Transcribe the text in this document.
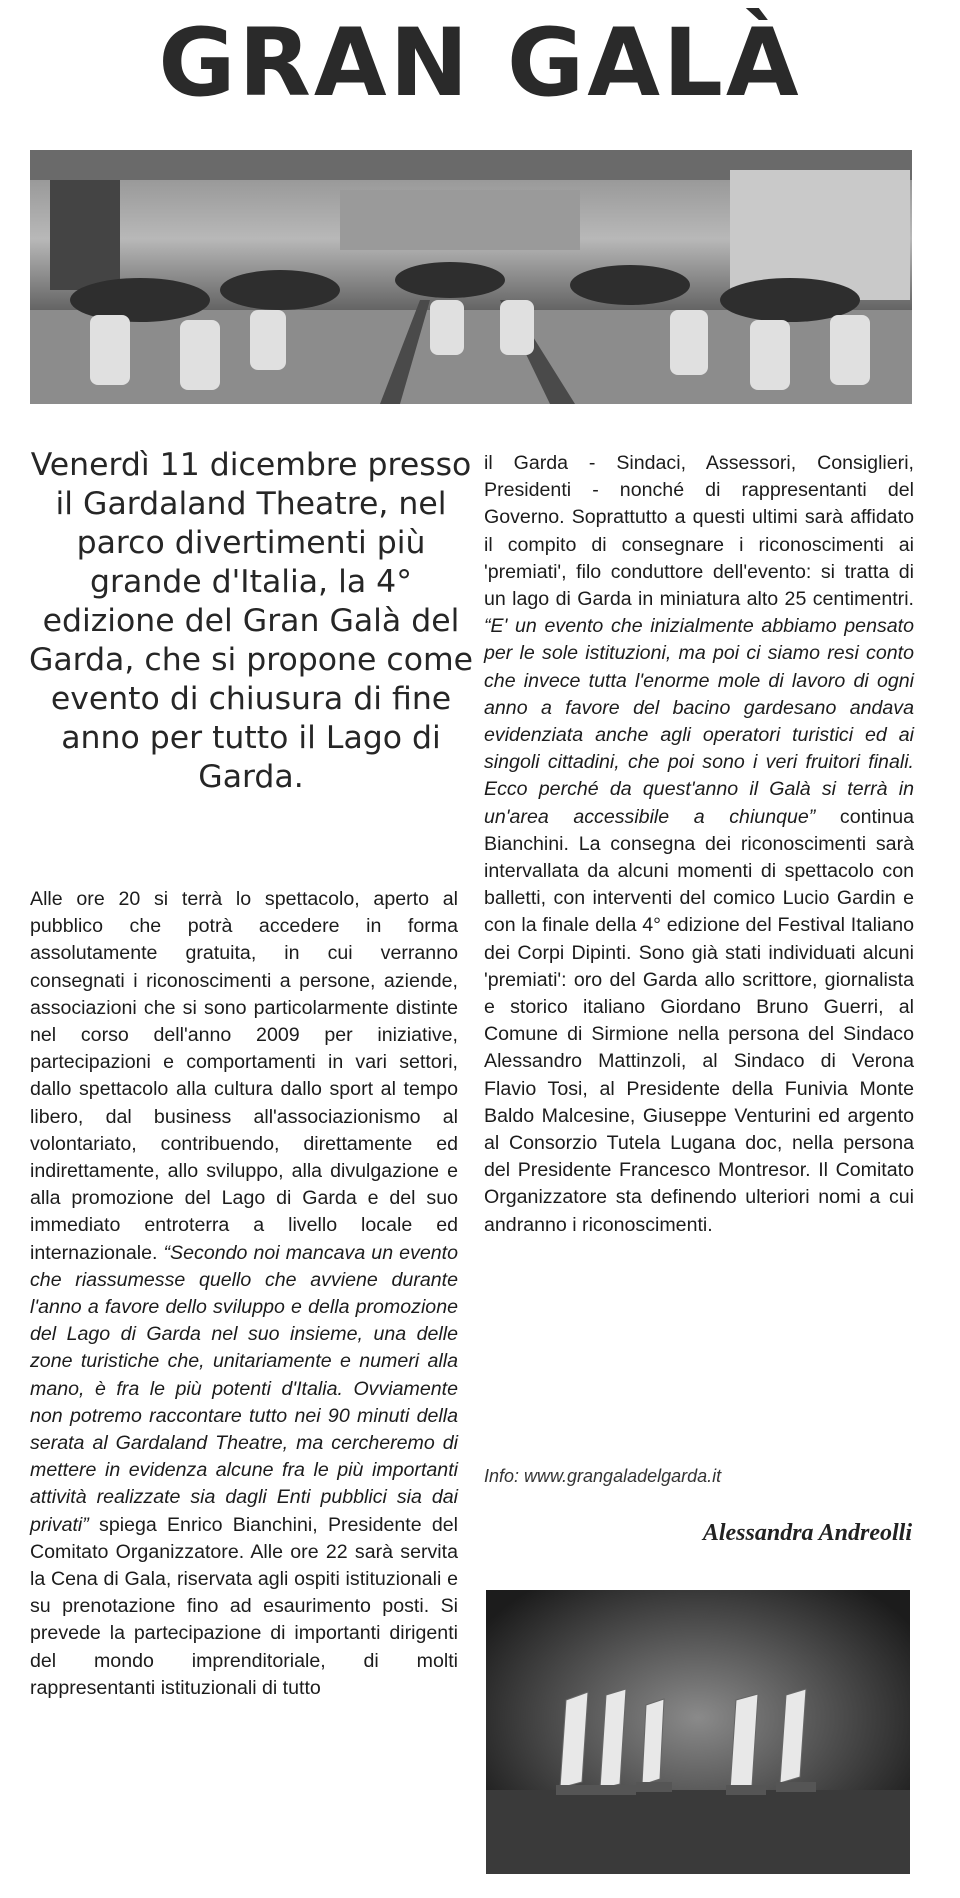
GRAN GALÀ
Venerdì 11 dicembre presso il Gardaland Theatre, nel parco divertimenti più grande d'Italia, la 4° edizione del Gran Galà del Garda, che si propone come evento di chiusura di fine anno per tutto il Lago di Garda.
Alle ore 20 si terrà lo spettacolo, aperto al pubblico che potrà accedere in forma assolutamente gratuita, in cui verranno consegnati i riconoscimenti a persone, aziende, associazioni che si sono particolarmente distinte nel corso dell'anno 2009 per iniziative, partecipazioni e comportamenti in vari settori, dallo spettacolo alla cultura dallo sport al tempo libero, dal business all'associazionismo al volontariato, contribuendo, direttamente ed indirettamente, allo sviluppo, alla divulgazione e alla promozione del Lago di Garda e del suo immediato entroterra a livello locale ed internazionale. “Secondo noi mancava un evento che riassumesse quello che avviene durante l'anno a favore dello sviluppo e della promozione del Lago di Garda nel suo insieme, una delle zone turistiche che, unitariamente e numeri alla mano, è fra le più potenti d'Italia. Ovviamente non potremo raccontare tutto nei 90 minuti della serata al Gardaland Theatre, ma cercheremo di mettere in evidenza alcune fra le più importanti attività realizzate sia dagli Enti pubblici sia dai privati” spiega Enrico Bianchini, Presidente del Comitato Organizzatore. Alle ore 22 sarà servita la Cena di Gala, riservata agli ospiti istituzionali e su prenotazione fino ad esaurimento posti. Si prevede la partecipazione di importanti dirigenti del mondo imprenditoriale, di molti rappresentanti istituzionali di tutto
il Garda - Sindaci, Assessori, Consiglieri, Presidenti - nonché di rappresentanti del Governo. Soprattutto a questi ultimi sarà affidato il compito di consegnare i riconoscimenti ai 'premiati', filo conduttore dell'evento: si tratta di un lago di Garda in miniatura alto 25 centimentri. “E' un evento che inizialmente abbiamo pensato per le sole istituzioni, ma poi ci siamo resi conto che invece tutta l'enorme mole di lavoro di ogni anno a favore del bacino gardesano andava evidenziata anche agli operatori turistici ed ai singoli cittadini, che poi sono i veri fruitori finali. Ecco perché da quest'anno il Galà si terrà in un'area accessibile a chiunque” continua Bianchini. La consegna dei riconoscimenti sarà intervallata da alcuni momenti di spettacolo con balletti, con interventi del comico Lucio Gardin e con la finale della 4° edizione del Festival Italiano dei Corpi Dipinti. Sono già stati individuati alcuni 'premiati': oro del Garda allo scrittore, giornalista e storico italiano Giordano Bruno Guerri, al Comune di Sirmione nella persona del Sindaco Alessandro Mattinzoli, al Sindaco di Verona Flavio Tosi, al Presidente della Funivia Monte Baldo Malcesine, Giuseppe Venturini ed argento al Consorzio Tutela Lugana doc, nella persona del Presidente Francesco Montresor. Il Comitato Organizzatore sta definendo ulteriori nomi a cui andranno i riconoscimenti.
Info: www.grangaladelgarda.it
Alessandra Andreolli
